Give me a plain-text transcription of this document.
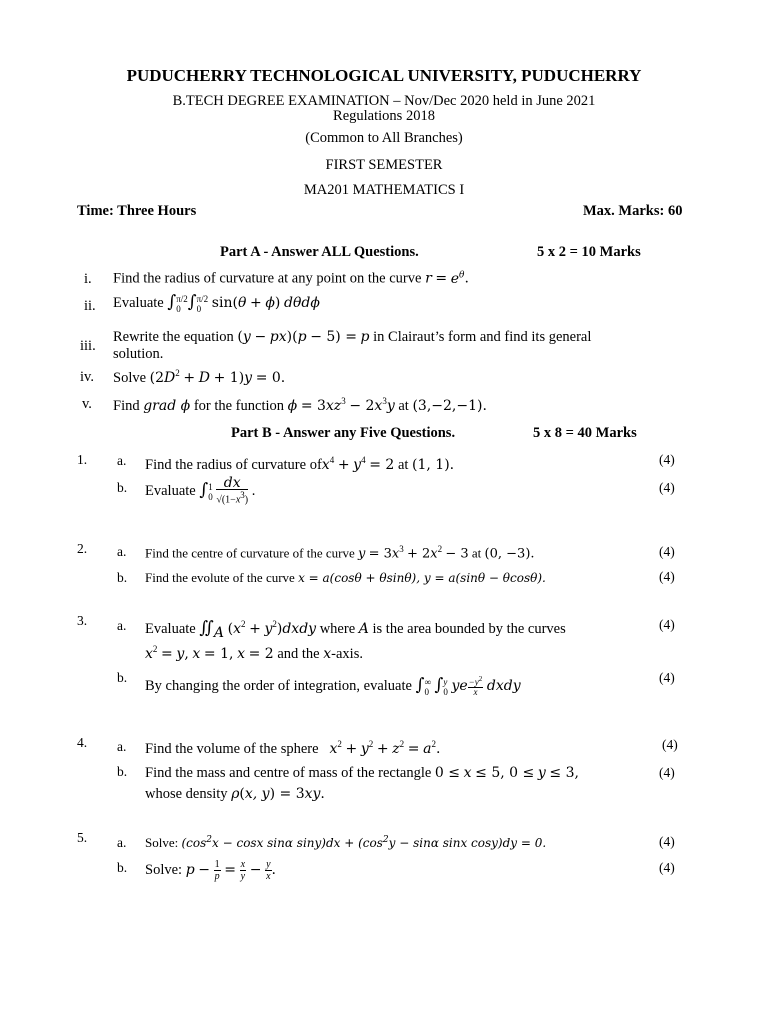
PUDUCHERRY TECHNOLOGICAL UNIVERSITY, PUDUCHERRY
B.TECH DEGREE EXAMINATION – Nov/Dec 2020 held in June 2021
Regulations 2018
(Common to All Branches)
FIRST SEMESTER
MA201 MATHEMATICS I
Time: Three Hours	Max. Marks: 60
Part A - Answer ALL Questions.	5 x 2 = 10 Marks
i. Find the radius of curvature at any point on the curve $r = e^\theta$.
ii. Evaluate ∫ π/2
0 ∫ π/2
0 sin(θ + ϕ) dθdϕ
iii.
Rewrite the equation (y − px)(p − 5) = p in Clairaut’s form and find its general
solution.
iv. Solve $(2D^2 + D + 1)y = 0$.
v. Find grad ϕ for the function $\phi = 3xz^3 - 2x^3y$ at (3,−2,−1).
Part B - Answer any Five Questions.	5 x 8 = 40 Marks
1. a. Find the radius of curvature $ofx^4 + y^4 = 2$ at (1, 1).	(4)
b. Evaluate ∫ 1
0
$\frac{dx}{√(1-x^3)}$ .	(4)
2. a. Find the centre of curvature of the curve $y = 3x^3 + 2x^2 - 3$ at (0, −3).	(4)
b. Find the evolute of the curve x = a(cosθ + θsinθ), y = a(sinθ − θcosθ).	(4)
3. a. Evaluate $∬_A$ ($x^2$ + $y^2)dxdy$ where A is the area bounded by the curves
$x^2 = y$, x = 1, x = 2 and the x-axis.
(4)
b.
By changing the order of integration, evaluate ∫ ∞
0 ∫ y
0 ye $\frac{-y^2}{x}$ dxdy
(4)
4. a. Find the volume of the sphere $x^2 + y^2 + z^2 = a^2$.	(4)
b. Find the mass and centre of mass of the rectangle 0 ≤ x ≤ 5, 0 ≤ y ≤ 3,
whose density ρ(x, y) = 3xy.
(4)
5. a. Solve: ($\cos^2x - \cos x$ sinα $\sin y)dx + (\cos^2y - \sin\alpha$ sinx cosy)dy = 0.	(4)
b. Solve: $p - \frac{1}{p} = \frac{x}{y} - \frac{y}{x}$ .	(4)
